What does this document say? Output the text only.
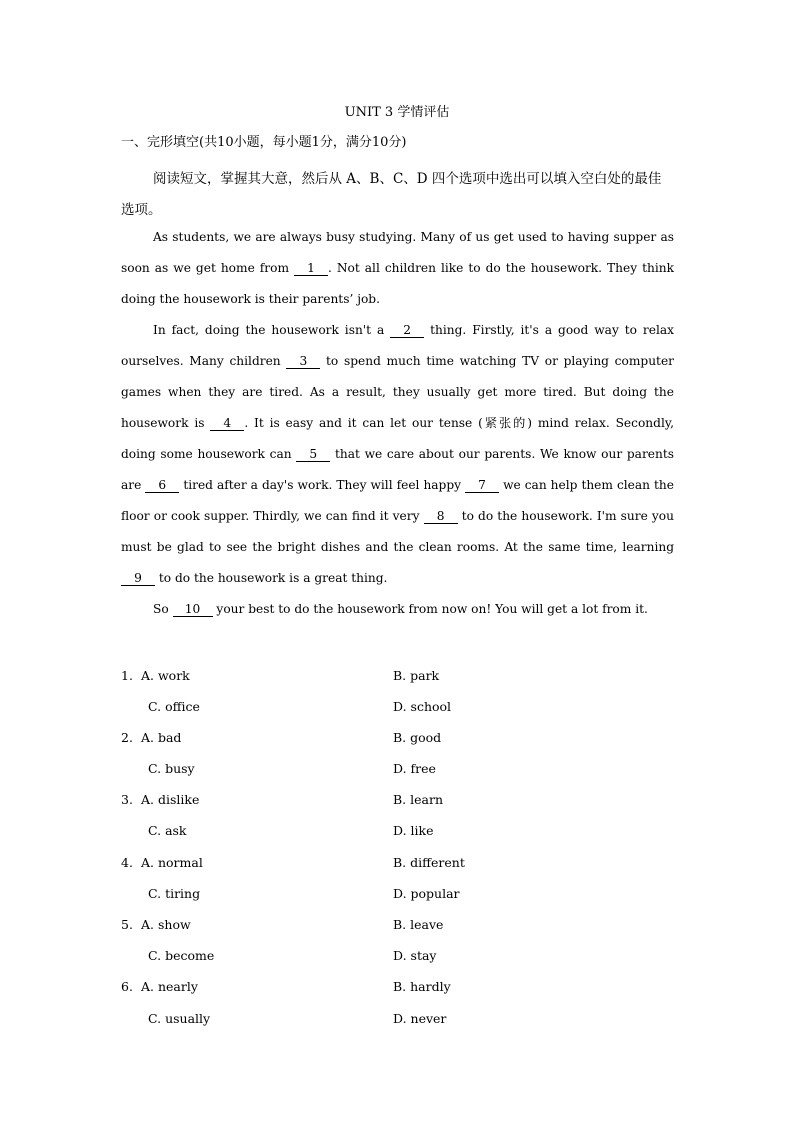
UNIT 3 学情评估
一、完形填空(共10小题，每小题1分，满分10分)
阅读短文，掌握其大意，然后从 A、B、C、D 四个选项中选出可以填入空白处的最佳选项。

As students, we are always busy studying. Many of us get used to having supper as soon as we get home from 1 . Not all children like to do the housework. They think doing the housework is their parents’ job.

In fact, doing the housework isn't a 2 thing. Firstly, it's a good way to relax ourselves. Many children 3 to spend much time watching TV or playing computer games when they are tired. As a result, they usually get more tired. But doing the housework is 4 . It is easy and it can let our tense (紧张的) mind relax. Secondly, doing some housework can 5 that we care about our parents. We know our parents are 6 tired after a day's work. They will feel happy 7 we can help them clean the floor or cook supper. Thirdly, we can find it very 8 to do the housework. I'm sure you must be glad to see the bright dishes and the clean rooms. At the same time, learning 9 to do the housework is a great thing.

So 10 your best to do the housework from now on! You will get a lot from it.

1. A. work	B. park
C. office	D. school
2. A. bad	B. good
C. busy	D. free
3. A. dislike	B. learn
C. ask	D. like
4. A. normal	B. different
C. tiring	D. popular
5. A. show	B. leave
C. become	D. stay
6. A. nearly	B. hardly
C. usually	D. never
